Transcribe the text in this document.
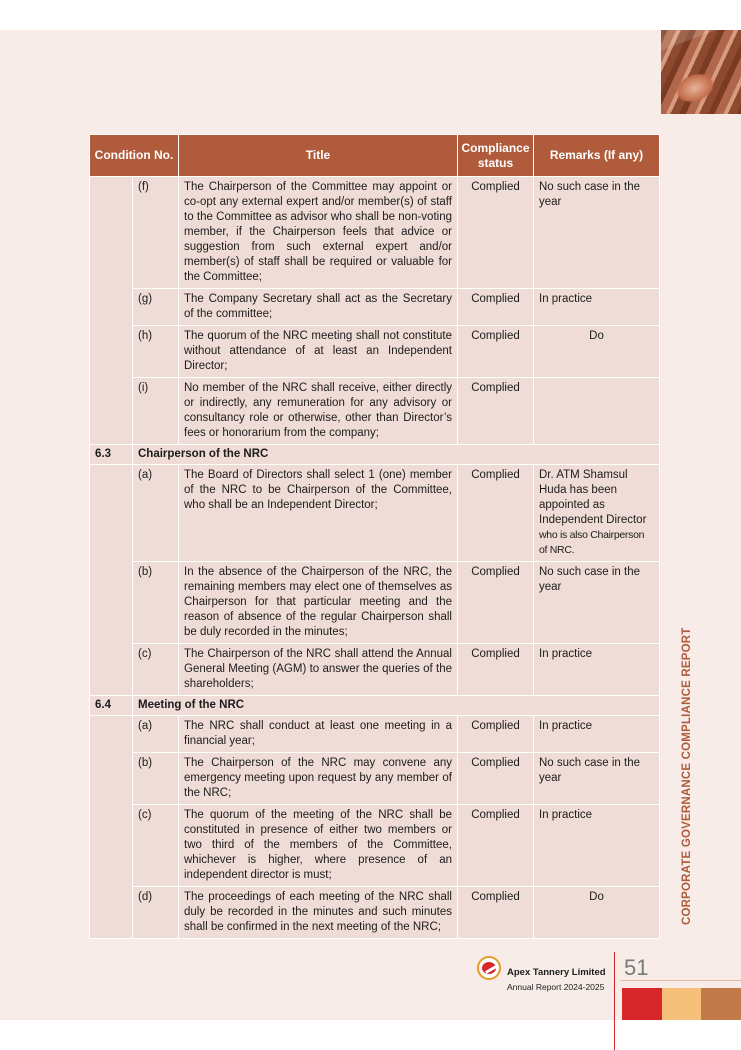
Condition No.		Title	Compliance status	Remarks (If any)
	(f)	The Chairperson of the Committee may appoint or co-opt any external expert and/or member(s) of staff to the Committee as advisor who shall be non-voting member, if the Chairperson feels that advice or suggestion from such external expert and/or member(s) of staff shall be required or valuable for the Committee;	Complied	No such case in the year
	(g)	The Company Secretary shall act as the Secretary of the committee;	Complied	In practice
	(h)	The quorum of the NRC meeting shall not constitute without attendance of at least an Independent Director;	Complied	Do
	(i)	No member of the NRC shall receive, either directly or indirectly, any remuneration for any advisory or consultancy role or otherwise, other than Director’s fees or honorarium from the company;	Complied	
6.3	Chairperson of the NRC			
	(a)	The Board of Directors shall select 1 (one) member of the NRC to be Chairperson of the Committee, who shall be an Independent Director;	Complied	Dr. ATM Shamsul Huda has been appointed as Independent Director who is also Chairperson of NRC.
	(b)	In the absence of the Chairperson of the NRC, the remaining members may elect one of themselves as Chairperson for that particular meeting and the reason of absence of the regular Chairperson shall be duly recorded in the minutes;	Complied	No such case in the year
	(c)	The Chairperson of the NRC shall attend the Annual General Meeting (AGM) to answer the queries of the shareholders;	Complied	In practice
6.4	Meeting of the NRC			
	(a)	The NRC shall conduct at least one meeting in a financial year;	Complied	In practice
	(b)	The Chairperson of the NRC may convene any emergency meeting upon request by any member of the NRC;	Complied	No such case in the year
	(c)	The quorum of the meeting of the NRC shall be constituted in presence of either two members or two third of the members of the Committee, whichever is higher, where presence of an independent director is must;	Complied	In practice
	(d)	The proceedings of each meeting of the NRC shall duly be recorded in the minutes and such minutes shall be confirmed in the next meeting of the NRC;	Complied	Do	CORPORATE GOVERNANCE COMPLIANCE REPORT
Apex Tannery Limited
Annual Report 2024-2025
51
